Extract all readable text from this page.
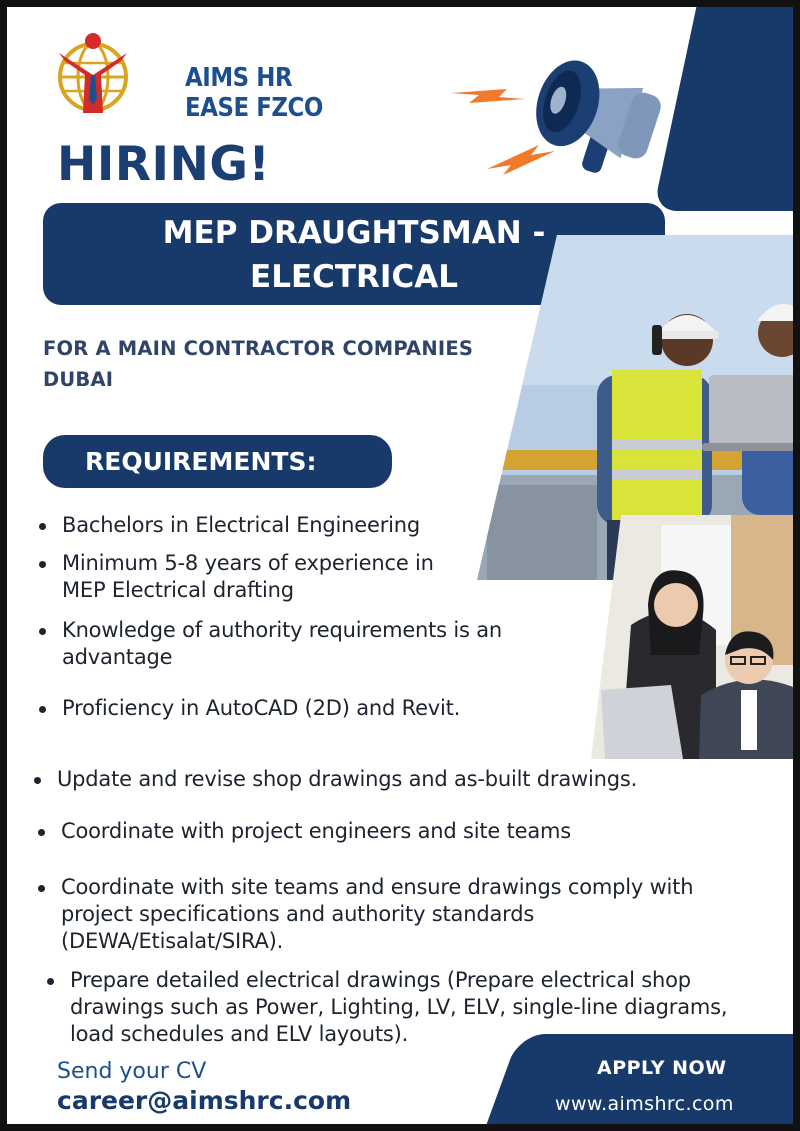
AIMS HR
EASE FZCO
HIRING!
MEP DRAUGHTSMAN -
ELECTRICAL
FOR A MAIN CONTRACTOR COMPANIES
DUBAI
REQUIREMENTS:
Bachelors in Electrical Engineering
Minimum 5-8 years of experience in
MEP Electrical drafting
Knowledge of authority requirements is an
advantage
Proficiency in AutoCAD (2D) and Revit.
Update and revise shop drawings and as-built drawings.
Coordinate with project engineers and site teams
Coordinate with site teams and ensure drawings comply with
project specifications and authority standards
(DEWA/Etisalat/SIRA).
Prepare detailed electrical drawings (Prepare electrical shop
drawings such as Power, Lighting, LV, ELV, single-line diagrams,
load schedules and ELV layouts).
Send your CV
career@aimshrc.com
APPLY NOW
www.aimshrc.com
